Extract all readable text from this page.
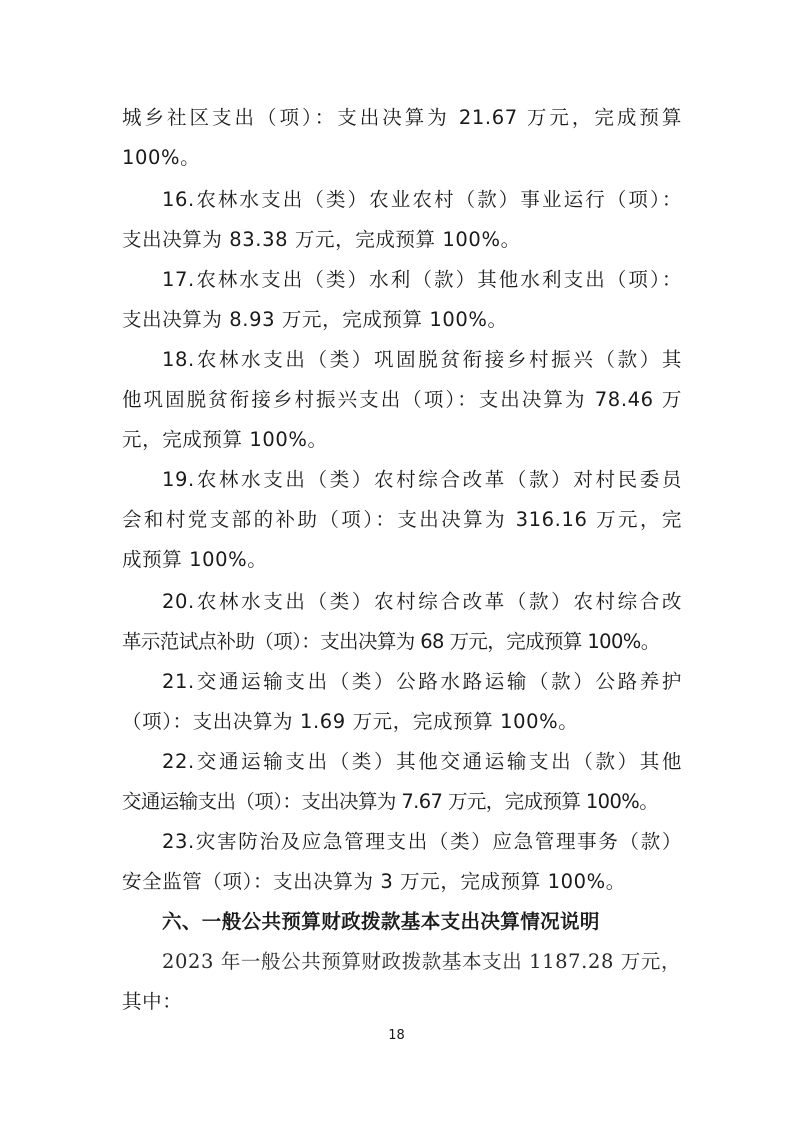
城乡社区支出（项）：支出决算为 21.67 万元，完成预算
100%。
16.农林水支出（类）农业农村（款）事业运行（项）：
支出决算为 83.38 万元，完成预算 100%。
17.农林水支出（类）水利（款）其他水利支出（项）：
支出决算为 8.93 万元，完成预算 100%。
18.农林水支出（类）巩固脱贫衔接乡村振兴（款）其
他巩固脱贫衔接乡村振兴支出（项）：支出决算为 78.46 万
元，完成预算 100%。
19.农林水支出（类）农村综合改革（款）对村民委员
会和村党支部的补助（项）：支出决算为 316.16 万元，完
成预算 100%。
20.农林水支出（类）农村综合改革（款）农村综合改
革示范试点补助（项）：支出决算为 68 万元，完成预算 100%。
21.交通运输支出（类）公路水路运输（款）公路养护
（项）：支出决算为 1.69 万元，完成预算 100%。
22.交通运输支出（类）其他交通运输支出（款）其他
交通运输支出（项）：支出决算为 7.67 万元，完成预算 100%。
23.灾害防治及应急管理支出（类）应急管理事务（款）
安全监管（项）：支出决算为 3 万元，完成预算 100%。
六、一般公共预算财政拨款基本支出决算情况说明
2023 年一般公共预算财政拨款基本支出 1187.28 万元，
其中：
18
